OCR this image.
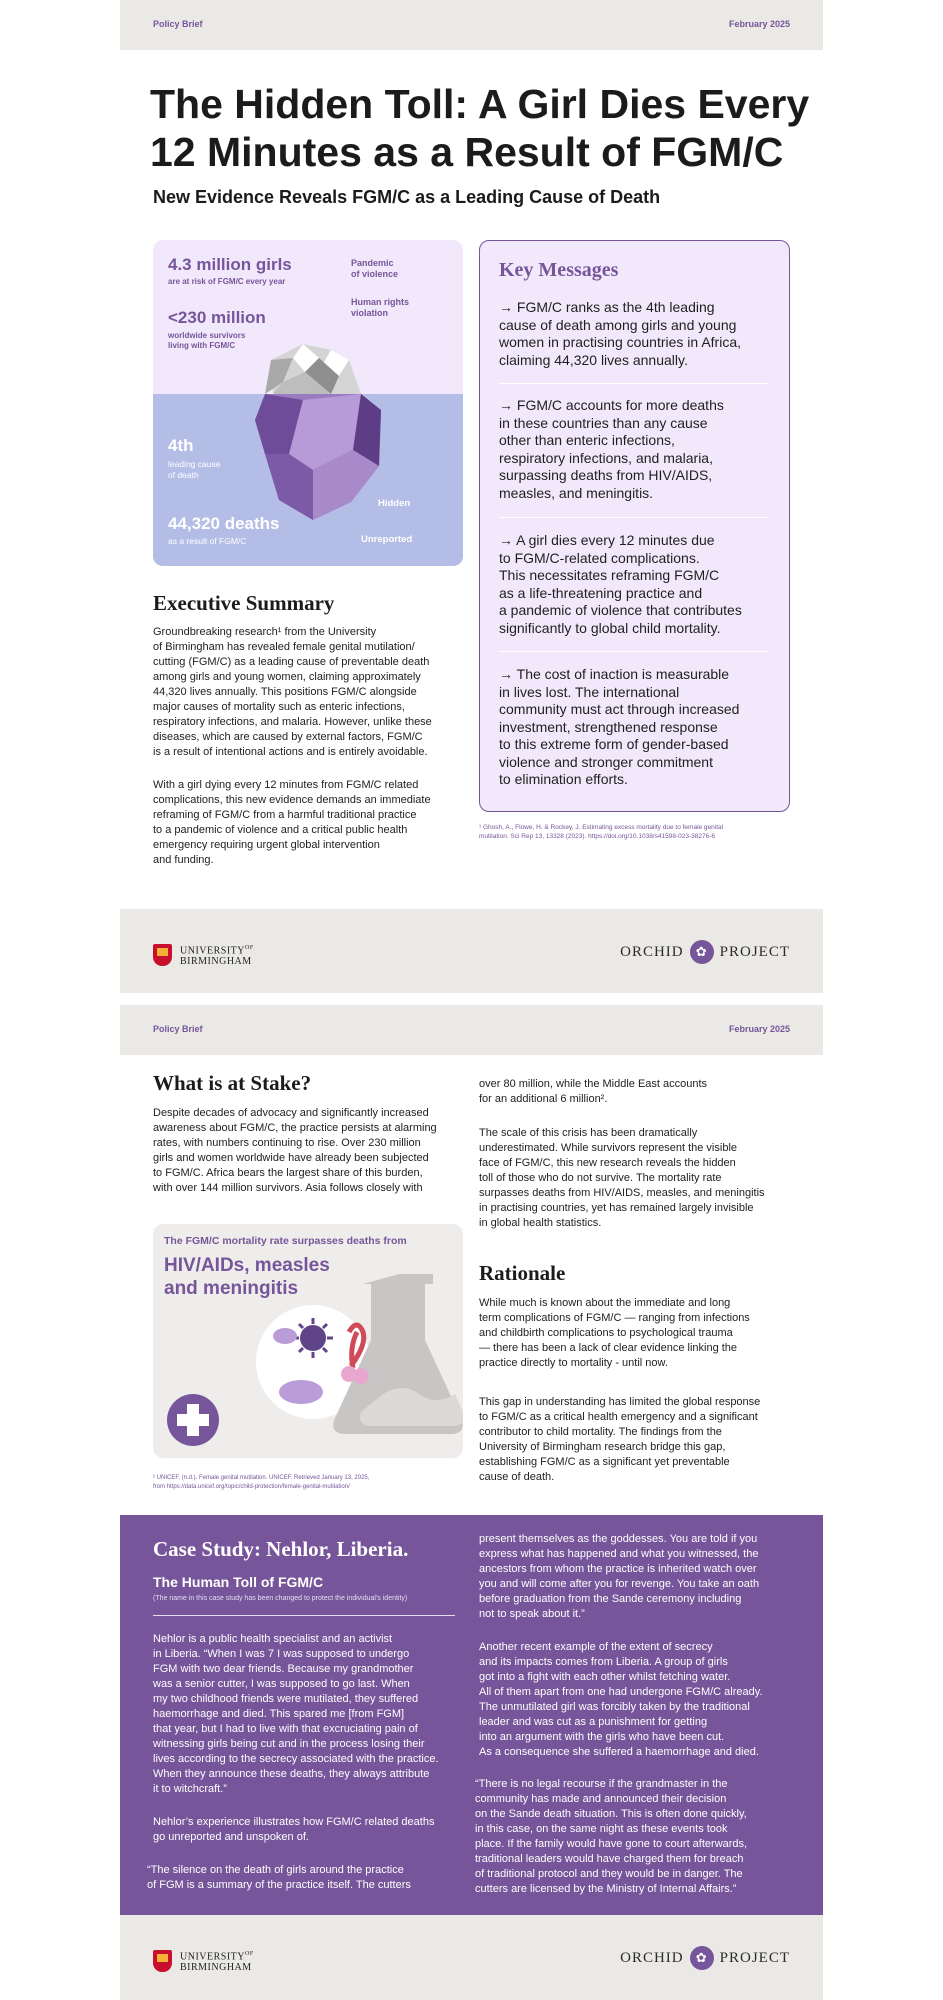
Policy Brief	February 2025
The Hidden Toll: A Girl Dies Every
12 Minutes as a Result of FGM/C
New Evidence Reveals FGM/C as a Leading Cause of Death
4.3 million girls
are at risk of FGM/C every year
<230 million
worldwide survivors
living with FGM/C
Pandemic
of violence
Human rights
violation
4th
leading cause
of death
44,320 deaths
as a result of FGM/C
Hidden
Unreported
Key Messages
→ FGM/C ranks as the 4th leading
cause of death among girls and young
women in practising countries in Africa,
claiming 44,320 lives annually.
→ FGM/C accounts for more deaths
in these countries than any cause
other than enteric infections,
respiratory infections, and malaria,
surpassing deaths from HIV/AIDS,
measles, and meningitis.
→ A girl dies every 12 minutes due
to FGM/C-related complications.
This necessitates reframing FGM/C
as a life-threatening practice and
a pandemic of violence that contributes
significantly to global child mortality.
→ The cost of inaction is measurable
in lives lost. The international
community must act through increased
investment, strengthened response
to this extreme form of gender-based
violence and stronger commitment
to elimination efforts.
Executive Summary
Groundbreaking research¹ from the University
of Birmingham has revealed female genital mutilation/
cutting (FGM/C) as a leading cause of preventable death
among girls and young women, claiming approximately
44,320 lives annually. This positions FGM/C alongside
major causes of mortality such as enteric infections,
respiratory infections, and malaria. However, unlike these
diseases, which are caused by external factors, FGM/C
is a result of intentional actions and is entirely avoidable.
With a girl dying every 12 minutes from FGM/C related
complications, this new evidence demands an immediate
reframing of FGM/C from a harmful traditional practice
to a pandemic of violence and a critical public health
emergency requiring urgent global intervention
and funding.
¹ Ghosh, A., Flowe, H. & Rockey, J. Estimating excess mortality due to female genital
mutilation. Sci Rep 13, 13328 (2023). https://doi.org/10.1038/s41598-023-38276-6
$UNIVERSITY^{OF}$
BIRMINGHAM
ORCHID ✿ PROJECT
Policy Brief	February 2025
What is at Stake?
Despite decades of advocacy and significantly increased
awareness about FGM/C, the practice persists at alarming
rates, with numbers continuing to rise. Over 230 million
girls and women worldwide have already been subjected
to FGM/C. Africa bears the largest share of this burden,
with over 144 million survivors. Asia follows closely with
The FGM/C mortality rate surpasses deaths from
HIV/AIDs, measles
and meningitis
² UNICEF. (n.d.). Female genital mutilation. UNICEF. Retrieved January 13, 2025,
from https://data.unicef.org/topic/child-protection/female-genital-mutilation/
over 80 million, while the Middle East accounts
for an additional 6 million².
The scale of this crisis has been dramatically
underestimated. While survivors represent the visible
face of FGM/C, this new research reveals the hidden
toll of those who do not survive. The mortality rate
surpasses deaths from HIV/AIDS, measles, and meningitis
in practising countries, yet has remained largely invisible
in global health statistics.
Rationale
While much is known about the immediate and long
term complications of FGM/C — ranging from infections
and childbirth complications to psychological trauma
— there has been a lack of clear evidence linking the
practice directly to mortality - until now.
This gap in understanding has limited the global response
to FGM/C as a critical health emergency and a significant
contributor to child mortality. The findings from the
University of Birmingham research bridge this gap,
establishing FGM/C as a significant yet preventable
cause of death.
Case Study: Nehlor, Liberia.
The Human Toll of FGM/C
(The name in this case study has been changed to protect the individual's identity)
Nehlor is a public health specialist and an activist
in Liberia. “When I was 7 I was supposed to undergo
FGM with two dear friends. Because my grandmother
was a senior cutter, I was supposed to go last. When
my two childhood friends were mutilated, they suffered
haemorrhage and died. This spared me [from FGM]
that year, but I had to live with that excruciating pain of
witnessing girls being cut and in the process losing their
lives according to the secrecy associated with the practice.
When they announce these deaths, they always attribute
it to witchcraft.”
Nehlor’s experience illustrates how FGM/C related deaths
go unreported and unspoken of.
“The silence on the death of girls around the practice
of FGM is a summary of the practice itself. The cutters
present themselves as the goddesses. You are told if you
express what has happened and what you witnessed, the
ancestors from whom the practice is inherited watch over
you and will come after you for revenge. You take an oath
before graduation from the Sande ceremony including
not to speak about it.”
Another recent example of the extent of secrecy
and its impacts comes from Liberia. A group of girls
got into a fight with each other whilst fetching water.
All of them apart from one had undergone FGM/C already.
The unmutilated girl was forcibly taken by the traditional
leader and was cut as a punishment for getting
into an argument with the girls who have been cut.
As a consequence she suffered a haemorrhage and died.
“There is no legal recourse if the grandmaster in the
community has made and announced their decision
on the Sande death situation. This is often done quickly,
in this case, on the same night as these events took
place. If the family would have gone to court afterwards,
traditional leaders would have charged them for breach
of traditional protocol and they would be in danger. The
cutters are licensed by the Ministry of Internal Affairs.”
$UNIVERSITY^{OF}$
BIRMINGHAM
ORCHID ✿ PROJECT
